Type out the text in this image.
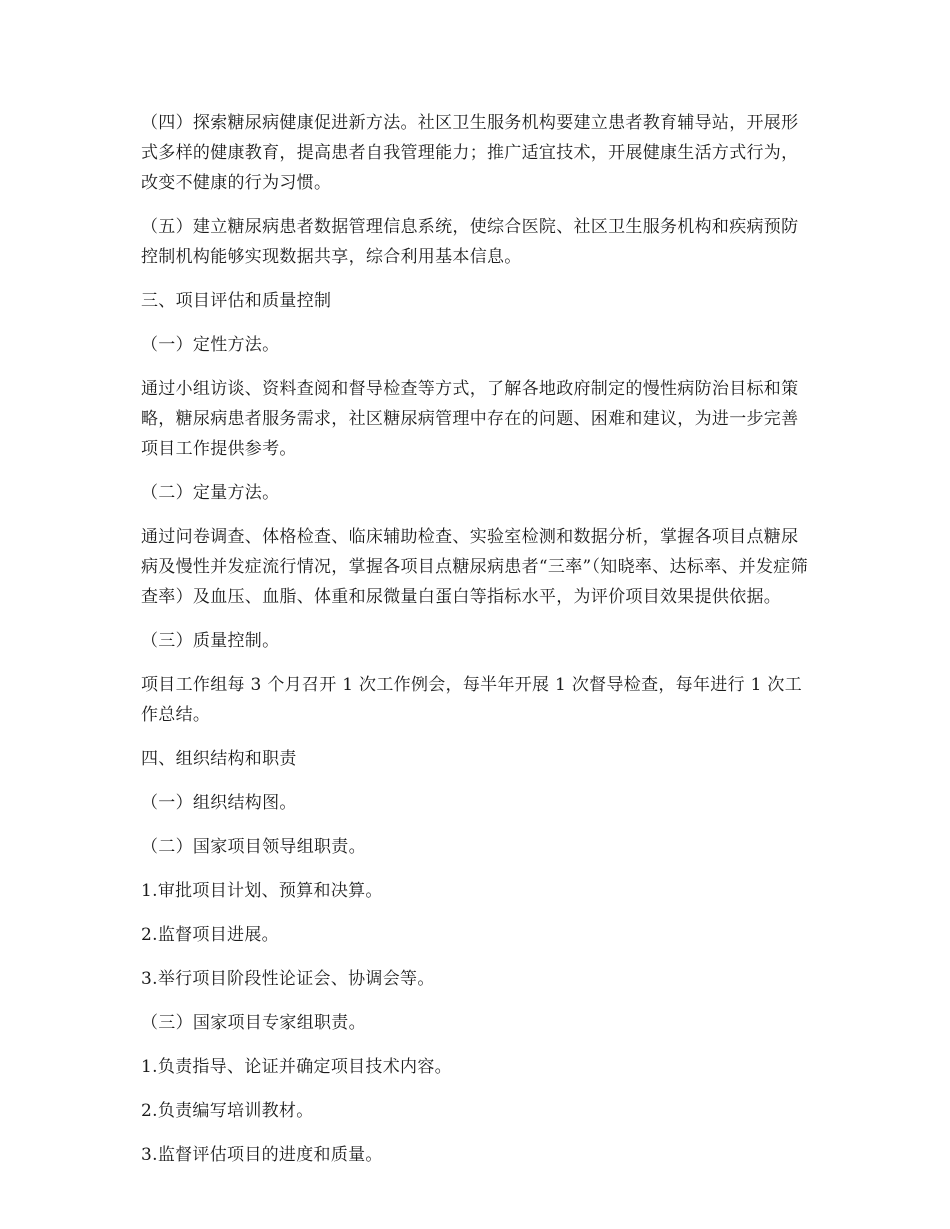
（四）探索糖尿病健康促进新方法。社区卫生服务机构要建立患者教育辅导站，开展形式多样的健康教育，提高患者自我管理能力；推广适宜技术，开展健康生活方式行为，改变不健康的行为习惯。

（五）建立糖尿病患者数据管理信息系统，使综合医院、社区卫生服务机构和疾病预防控制机构能够实现数据共享，综合利用基本信息。

三、项目评估和质量控制

（一）定性方法。

通过小组访谈、资料查阅和督导检查等方式，了解各地政府制定的慢性病防治目标和策略，糖尿病患者服务需求，社区糖尿病管理中存在的问题、困难和建议，为进一步完善项目工作提供参考。

（二）定量方法。

通过问卷调查、体格检查、临床辅助检查、实验室检测和数据分析，掌握各项目点糖尿病及慢性并发症流行情况，掌握各项目点糖尿病患者“三率”（知晓率、达标率、并发症筛查率）及血压、血脂、体重和尿微量白蛋白等指标水平，为评价项目效果提供依据。

（三）质量控制。

项目工作组每 3 个月召开 1 次工作例会，每半年开展 1 次督导检查，每年进行 1 次工作总结。

四、组织结构和职责

（一）组织结构图。

（二）国家项目领导组职责。

1.审批项目计划、预算和决算。

2.监督项目进展。

3.举行项目阶段性论证会、协调会等。

（三）国家项目专家组职责。

1.负责指导、论证并确定项目技术内容。

2.负责编写培训教材。

3.监督评估项目的进度和质量。
